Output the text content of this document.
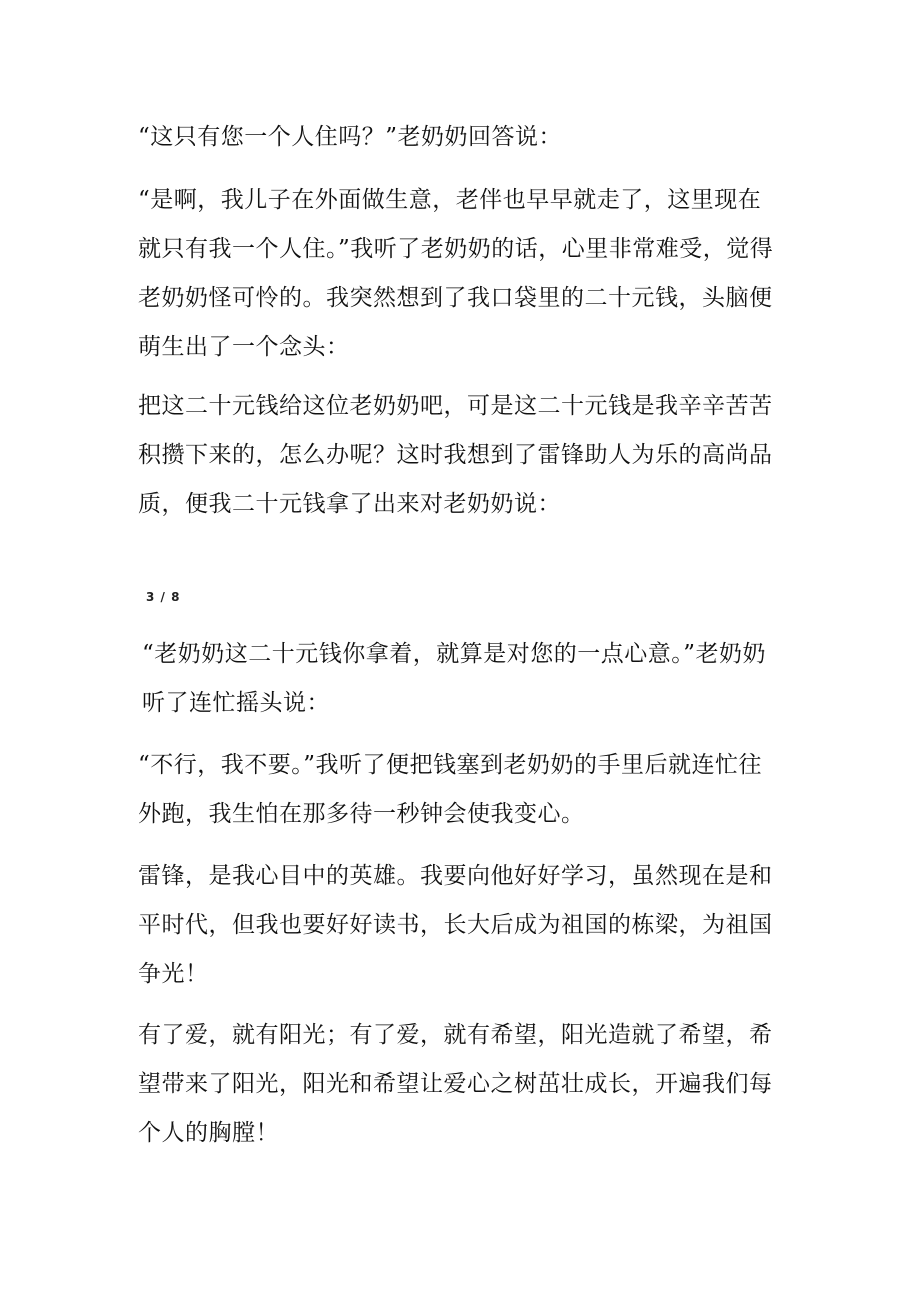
“这只有您一个人住吗？”老奶奶回答说：

“是啊，我儿子在外面做生意，老伴也早早就走了，这里现在就只有我一个人住。”我听了老奶奶的话，心里非常难受，觉得老奶奶怪可怜的。我突然想到了我口袋里的二十元钱，头脑便萌生出了一个念头：

把这二十元钱给这位老奶奶吧，可是这二十元钱是我辛辛苦苦积攒下来的，怎么办呢？这时我想到了雷锋助人为乐的高尚品质，便我二十元钱拿了出来对老奶奶说：

3 / 8

“老奶奶这二十元钱你拿着，就算是对您的一点心意。”老奶奶听了连忙摇头说：

“不行，我不要。”我听了便把钱塞到老奶奶的手里后就连忙往外跑，我生怕在那多待一秒钟会使我变心。

雷锋，是我心目中的英雄。我要向他好好学习，虽然现在是和平时代，但我也要好好读书，长大后成为祖国的栋梁，为祖国争光！

有了爱，就有阳光；有了爱，就有希望，阳光造就了希望，希望带来了阳光，阳光和希望让爱心之树茁壮成长，开遍我们每个人的胸膛！
